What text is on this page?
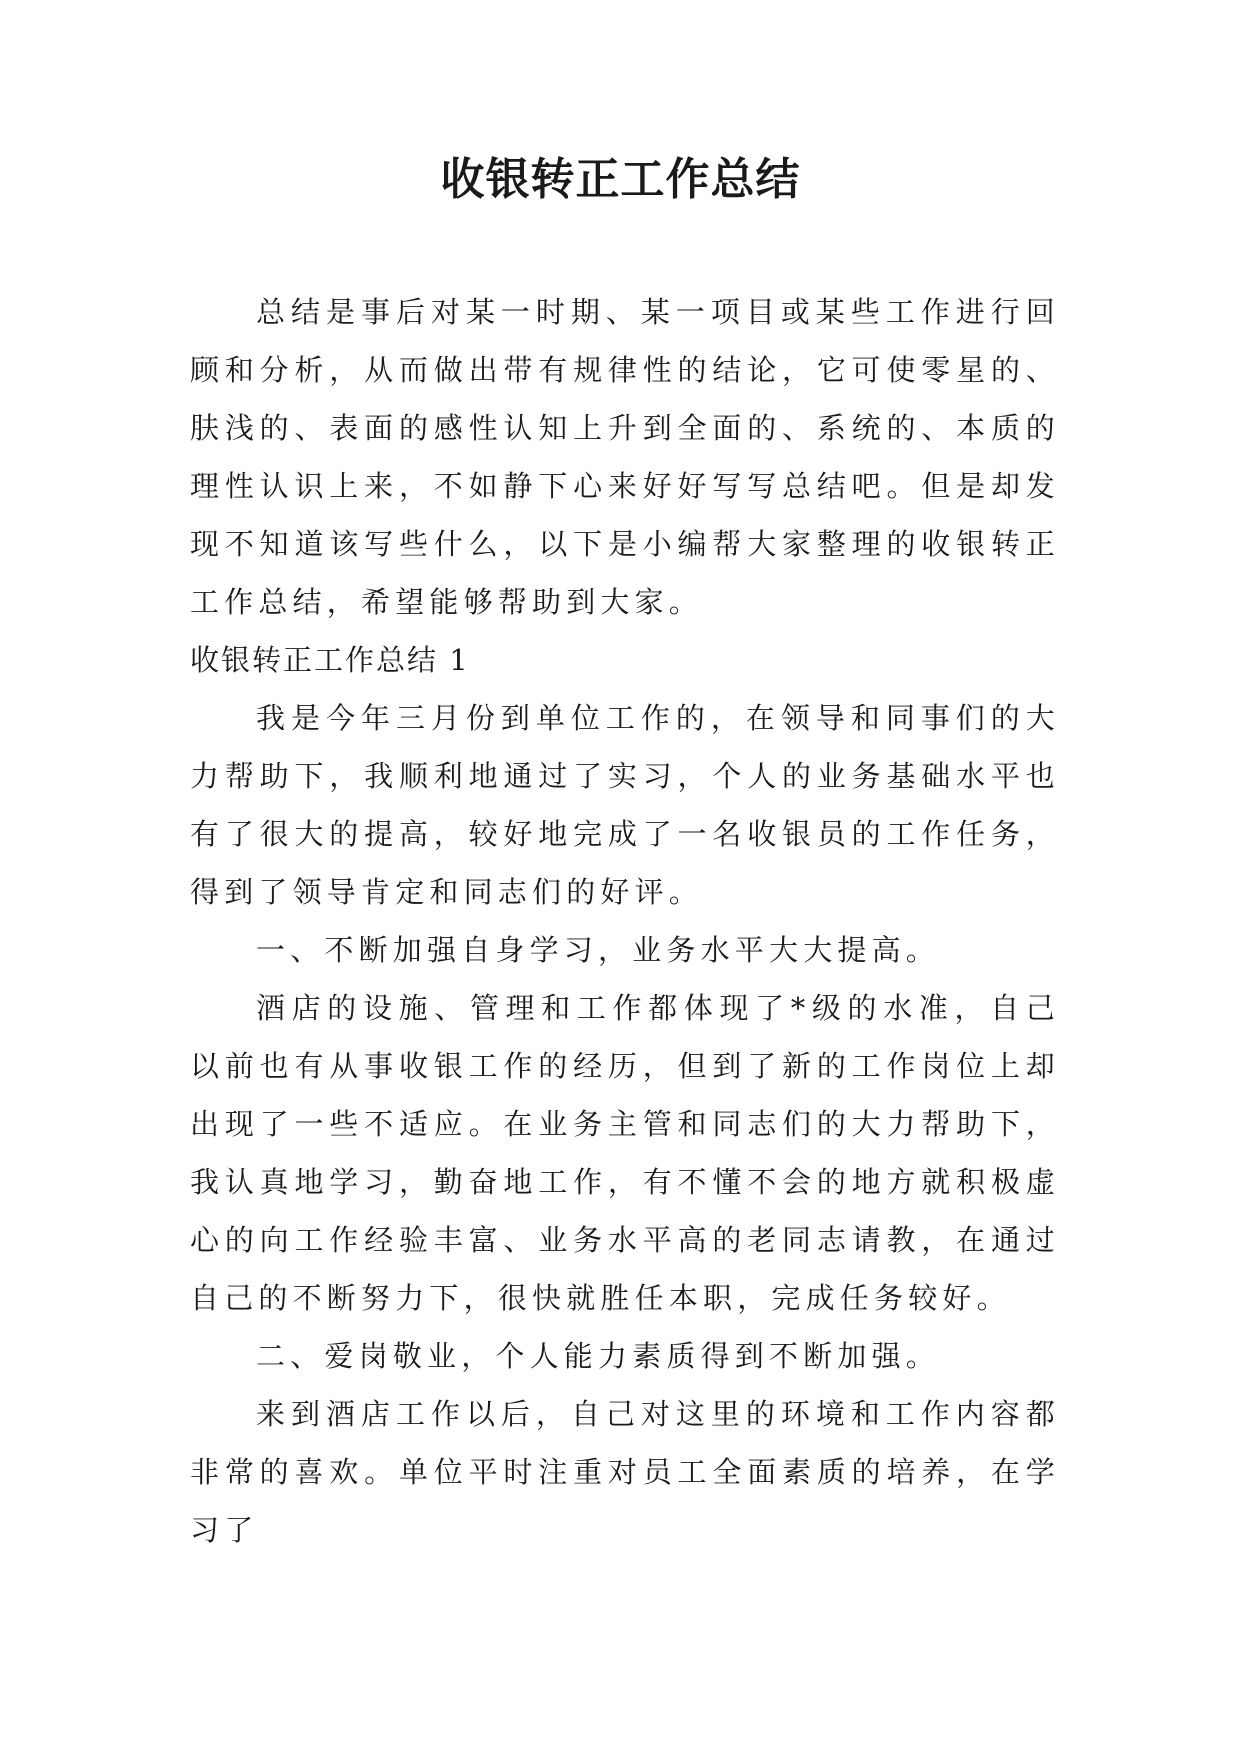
收银转正工作总结

总结是事后对某一时期、某一项目或某些工作进行回顾和分析，从而做出带有规律性的结论，它可使零星的、肤浅的、表面的感性认知上升到全面的、系统的、本质的理性认识上来，不如静下心来好好写写总结吧。但是却发现不知道该写些什么，以下是小编帮大家整理的收银转正工作总结，希望能够帮助到大家。

收银转正工作总结 1

我是今年三月份到单位工作的，在领导和同事们的大力帮助下，我顺利地通过了实习，个人的业务基础水平也有了很大的提高，较好地完成了一名收银员的工作任务，得到了领导肯定和同志们的好评。

一、不断加强自身学习，业务水平大大提高。

酒店的设施、管理和工作都体现了*级的水准，自己以前也有从事收银工作的经历，但到了新的工作岗位上却出现了一些不适应。在业务主管和同志们的大力帮助下，我认真地学习，勤奋地工作，有不懂不会的地方就积极虚心的向工作经验丰富、业务水平高的老同志请教，在通过自己的不断努力下，很快就胜任本职，完成任务较好。

二、爱岗敬业，个人能力素质得到不断加强。

来到酒店工作以后，自己对这里的环境和工作内容都非常的喜欢。单位平时注重对员工全面素质的培养，在学习了
